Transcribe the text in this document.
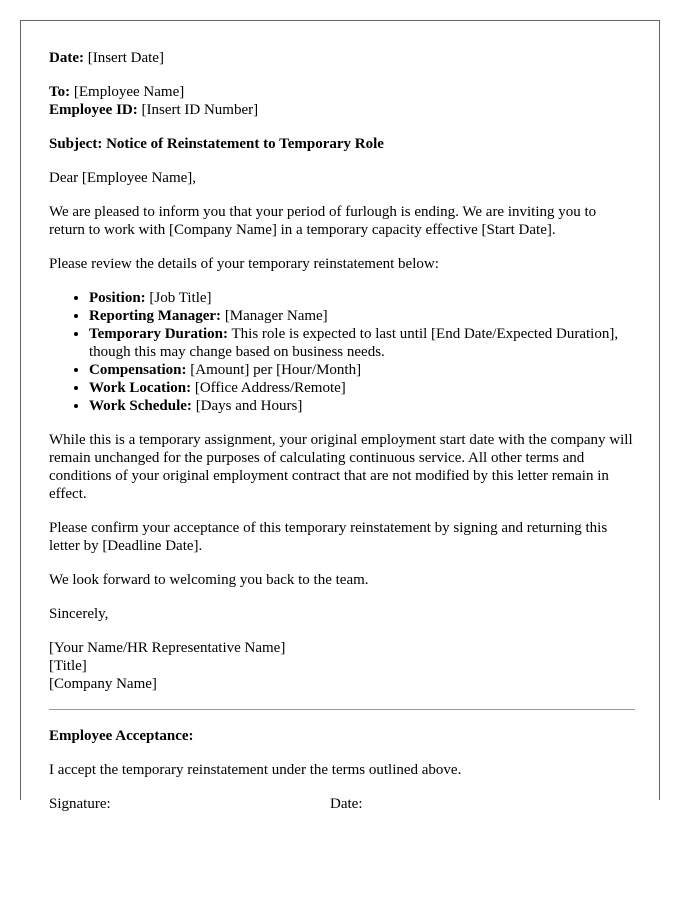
Date: [Insert Date]
To: [Employee Name]
Employee ID: [Insert ID Number]

Subject: Notice of Reinstatement to Temporary Role

Dear [Employee Name],

We are pleased to inform you that your period of furlough is ending. We are inviting you to return to work with [Company Name] in a temporary capacity effective [Start Date].

Please review the details of your temporary reinstatement below:

• Position: [Job Title]
• Reporting Manager: [Manager Name]
• Temporary Duration: This role is expected to last until [End Date/Expected Duration], though this may change based on business needs.
• Compensation: [Amount] per [Hour/Month]
• Work Location: [Office Address/Remote]
• Work Schedule: [Days and Hours]

While this is a temporary assignment, your original employment start date with the company will remain unchanged for the purposes of calculating continuous service. All other terms and conditions of your original employment contract that are not modified by this letter remain in effect.

Please confirm your acceptance of this temporary reinstatement by signing and returning this letter by [Deadline Date].

We look forward to welcoming you back to the team.

Sincerely,

[Your Name/HR Representative Name]
[Title]
[Company Name]

Employee Acceptance:

I accept the temporary reinstatement under the terms outlined above.

Signature:	Date:
